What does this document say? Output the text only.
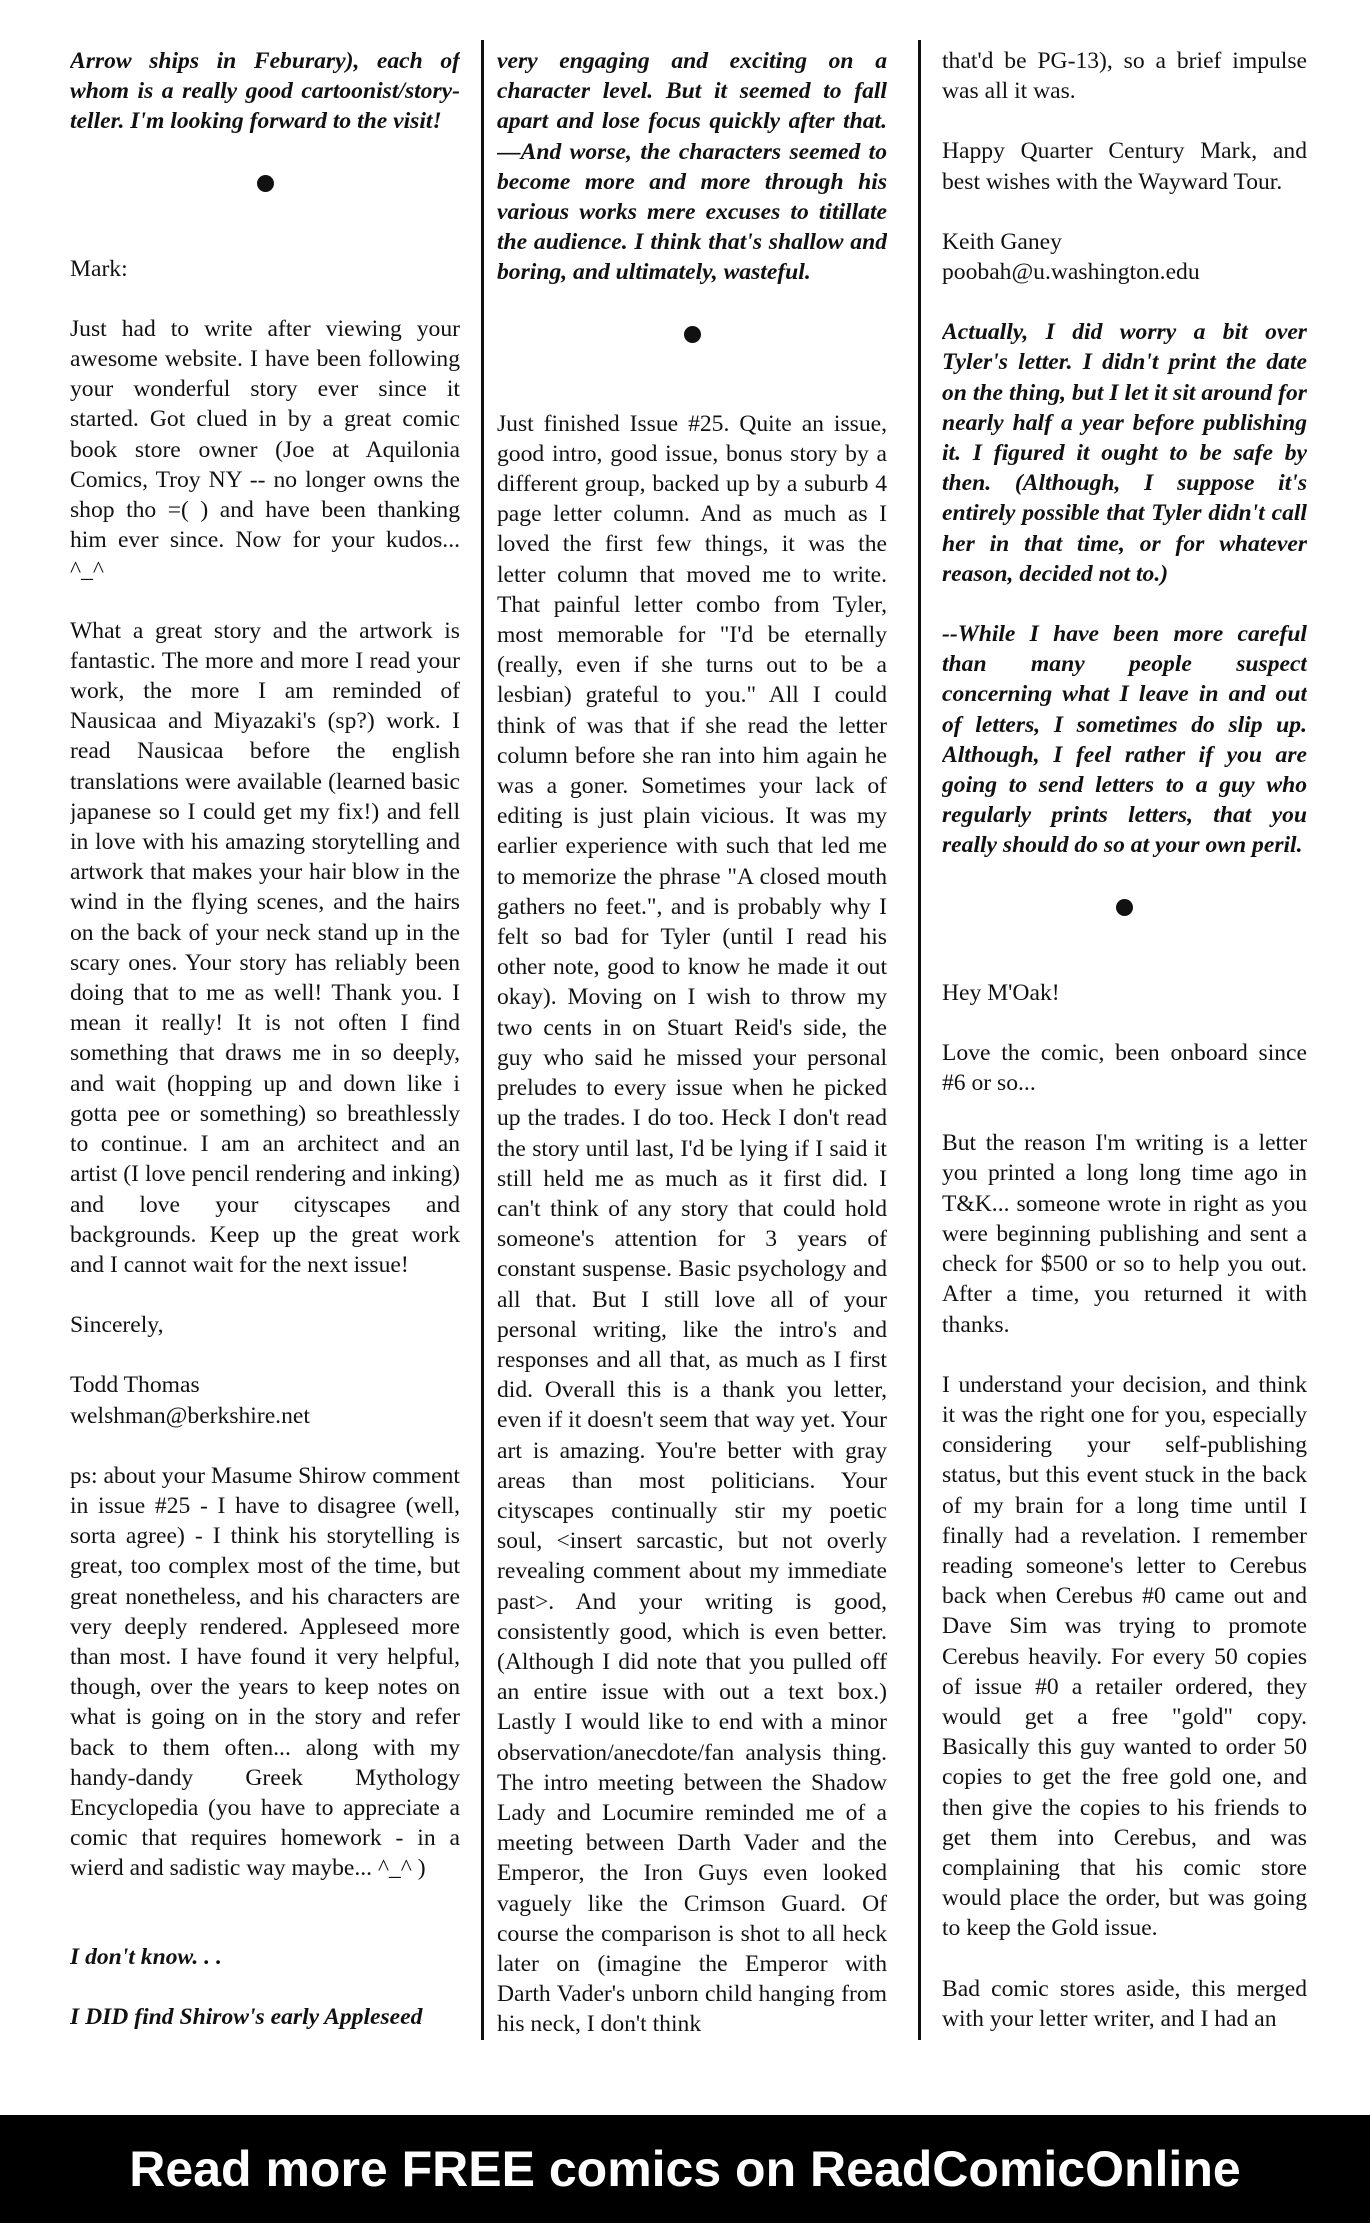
Arrow ships in Feburary), each of whom is a really good cartoonist/story-teller. I'm looking forward to the visit!

Mark:

Just had to write after viewing your awesome website. I have been following your wonderful story ever since it started. Got clued in by a great comic book store owner (Joe at Aquilonia Comics, Troy NY -- no longer owns the shop tho =( ) and have been thanking him ever since. Now for your kudos... ^_^

What a great story and the artwork is fantastic. The more and more I read your work, the more I am reminded of Nausicaa and Miyazaki's (sp?) work. I read Nausicaa before the english translations were available (learned basic japanese so I could get my fix!) and fell in love with his amazing storytelling and artwork that makes your hair blow in the wind in the flying scenes, and the hairs on the back of your neck stand up in the scary ones. Your story has reliably been doing that to me as well! Thank you. I mean it really! It is not often I find something that draws me in so deeply, and wait (hopping up and down like i gotta pee or something) so breathlessly to continue. I am an architect and an artist (I love pencil rendering and inking) and love your cityscapes and backgrounds. Keep up the great work and I cannot wait for the next issue!

Sincerely,

Todd Thomas

welshman@berkshire.net

ps: about your Masume Shirow comment in issue #25 - I have to disagree (well, sorta agree) - I think his storytelling is great, too complex most of the time, but great nonetheless, and his characters are very deeply rendered. Appleseed more than most. I have found it very helpful, though, over the years to keep notes on what is going on in the story and refer back to them often... along with my handy-dandy Greek Mythology Encyclopedia (you have to appreciate a comic that requires homework - in a wierd and sadistic way maybe... ^_^ )

I don't know. . .

I DID find Shirow's early Appleseed

very engaging and exciting on a character level. But it seemed to fall apart and lose focus quickly after that. —And worse, the characters seemed to become more and more through his various works mere excuses to titillate the audience. I think that's shallow and boring, and ultimately, wasteful.

Just finished Issue #25. Quite an issue, good intro, good issue, bonus story by a different group, backed up by a suburb 4 page letter column. And as much as I loved the first few things, it was the letter column that moved me to write. That painful letter combo from Tyler, most memorable for "I'd be eternally (really, even if she turns out to be a lesbian) grateful to you." All I could think of was that if she read the letter column before she ran into him again he was a goner. Sometimes your lack of editing is just plain vicious. It was my earlier experience with such that led me to memorize the phrase "A closed mouth gathers no feet.", and is probably why I felt so bad for Tyler (until I read his other note, good to know he made it out okay). Moving on I wish to throw my two cents in on Stuart Reid's side, the guy who said he missed your personal preludes to every issue when he picked up the trades. I do too. Heck I don't read the story until last, I'd be lying if I said it still held me as much as it first did. I can't think of any story that could hold someone's attention for 3 years of constant suspense. Basic psychology and all that. But I still love all of your personal writing, like the intro's and responses and all that, as much as I first did. Overall this is a thank you letter, even if it doesn't seem that way yet. Your art is amazing. You're better with gray areas than most politicians. Your cityscapes continually stir my poetic soul, <insert sarcastic, but not overly revealing comment about my immediate past>. And your writing is good, consistently good, which is even better. (Although I did note that you pulled off an entire issue with out a text box.) Lastly I would like to end with a minor observation/anecdote/fan analysis thing. The intro meeting between the Shadow Lady and Locumire reminded me of a meeting between Darth Vader and the Emperor, the Iron Guys even looked vaguely like the Crimson Guard. Of course the comparison is shot to all heck later on (imagine the Emperor with Darth Vader's unborn child hanging from his neck, I don't think

that'd be PG-13), so a brief impulse was all it was.

Happy Quarter Century Mark, and best wishes with the Wayward Tour.

Keith Ganey

poobah@u.washington.edu

Actually, I did worry a bit over Tyler's letter. I didn't print the date on the thing, but I let it sit around for nearly half a year before publishing it. I figured it ought to be safe by then. (Although, I suppose it's entirely possible that Tyler didn't call her in that time, or for whatever reason, decided not to.)

--While I have been more careful than many people suspect concerning what I leave in and out of letters, I sometimes do slip up. Although, I feel rather if you are going to send letters to a guy who regularly prints letters, that you really should do so at your own peril.

Hey M'Oak!

Love the comic, been onboard since #6 or so...

But the reason I'm writing is a letter you printed a long long time ago in T&K... someone wrote in right as you were beginning publishing and sent a check for $500 or so to help you out. After a time, you returned it with thanks.

I understand your decision, and think it was the right one for you, especially considering your self-publishing status, but this event stuck in the back of my brain for a long time until I finally had a revelation. I remember reading someone's letter to Cerebus back when Cerebus #0 came out and Dave Sim was trying to promote Cerebus heavily. For every 50 copies of issue #0 a retailer ordered, they would get a free "gold" copy. Basically this guy wanted to order 50 copies to get the free gold one, and then give the copies to his friends to get them into Cerebus, and was complaining that his comic store would place the order, but was going to keep the Gold issue.

Bad comic stores aside, this merged with your letter writer, and I had an

Read more FREE comics on ReadComicOnline
